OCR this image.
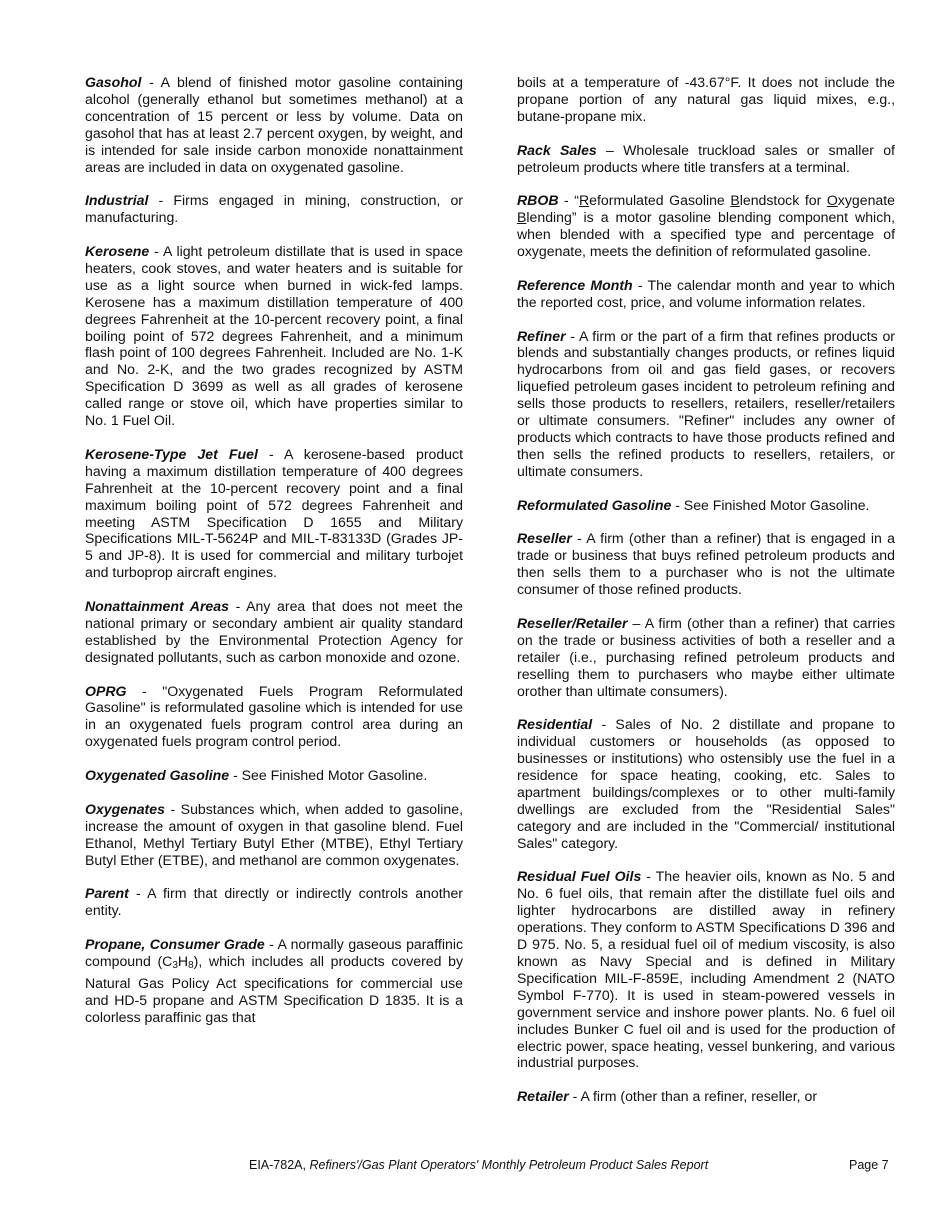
Gasohol - A blend of finished motor gasoline containing alcohol (generally ethanol but sometimes methanol) at a concentration of 15 percent or less by volume. Data on gasohol that has at least 2.7 percent oxygen, by weight, and is intended for sale inside carbon monoxide nonattainment areas are included in data on oxygenated gasoline.

Industrial - Firms engaged in mining, construction, or manufacturing.

Kerosene - A light petroleum distillate that is used in space heaters, cook stoves, and water heaters and is suitable for use as a light source when burned in wick-fed lamps. Kerosene has a maximum distillation temperature of 400 degrees Fahrenheit at the 10-percent recovery point, a final boiling point of 572 degrees Fahrenheit, and a minimum flash point of 100 degrees Fahrenheit. Included are No. 1-K and No. 2-K, and the two grades recognized by ASTM Specification D 3699 as well as all grades of kerosene called range or stove oil, which have properties similar to No. 1 Fuel Oil.

Kerosene-Type Jet Fuel - A kerosene-based product having a maximum distillation temperature of 400 degrees Fahrenheit at the 10-percent recovery point and a final maximum boiling point of 572 degrees Fahrenheit and meeting ASTM Specification D 1655 and Military Specifications MIL-T-5624P and MIL-T-83133D (Grades JP-5 and JP-8). It is used for commercial and military turbojet and turboprop aircraft engines.

Nonattainment Areas - Any area that does not meet the national primary or secondary ambient air quality standard established by the Environmental Protection Agency for designated pollutants, such as carbon monoxide and ozone.

OPRG - "Oxygenated Fuels Program Reformulated Gasoline" is reformulated gasoline which is intended for use in an oxygenated fuels program control area during an oxygenated fuels program control period.

Oxygenated Gasoline - See Finished Motor Gasoline.

Oxygenates - Substances which, when added to gasoline, increase the amount of oxygen in that gasoline blend. Fuel Ethanol, Methyl Tertiary Butyl Ether (MTBE), Ethyl Tertiary Butyl Ether (ETBE), and methanol are common oxygenates.

Parent - A firm that directly or indirectly controls another entity.

Propane, Consumer Grade - A normally gaseous paraffinic compound $(C_3H_8)$, which includes all products covered by Natural Gas Policy Act specifications for commercial use and HD-5 propane and ASTM Specification D 1835. It is a colorless paraffinic gas that

boils at a temperature of -43.67°F. It does not include the propane portion of any natural gas liquid mixes, e.g., butane-propane mix.

Rack Sales – Wholesale truckload sales or smaller of petroleum products where title transfers at a terminal.

RBOB - “Reformulated Gasoline Blendstock for Oxygenate Blending” is a motor gasoline blending component which, when blended with a specified type and percentage of oxygenate, meets the definition of reformulated gasoline.

Reference Month - The calendar month and year to which the reported cost, price, and volume information relates.

Refiner - A firm or the part of a firm that refines products or blends and substantially changes products, or refines liquid hydrocarbons from oil and gas field gases, or recovers liquefied petroleum gases incident to petroleum refining and sells those products to resellers, retailers, reseller/retailers or ultimate consumers. "Refiner" includes any owner of products which contracts to have those products refined and then sells the refined products to resellers, retailers, or ultimate consumers.

Reformulated Gasoline - See Finished Motor Gasoline.

Reseller - A firm (other than a refiner) that is engaged in a trade or business that buys refined petroleum products and then sells them to a purchaser who is not the ultimate consumer of those refined products.

Reseller/Retailer – A firm (other than a refiner) that carries on the trade or business activities of both a reseller and a retailer (i.e., purchasing refined petroleum products and reselling them to purchasers who maybe either ultimate orother than ultimate consumers).

Residential - Sales of No. 2 distillate and propane to individual customers or households (as opposed to businesses or institutions) who ostensibly use the fuel in a residence for space heating, cooking, etc. Sales to apartment buildings/complexes or to other multi-family dwellings are excluded from the "Residential Sales" category and are included in the "Commercial/ institutional Sales" category.

Residual Fuel Oils - The heavier oils, known as No. 5 and No. 6 fuel oils, that remain after the distillate fuel oils and lighter hydrocarbons are distilled away in refinery operations. They conform to ASTM Specifications D 396 and D 975. No. 5, a residual fuel oil of medium viscosity, is also known as Navy Special and is defined in Military Specification MIL-F-859E, including Amendment 2 (NATO Symbol F-770). It is used in steam-powered vessels in government service and inshore power plants. No. 6 fuel oil includes Bunker C fuel oil and is used for the production of electric power, space heating, vessel bunkering, and various industrial purposes.

Retailer - A firm (other than a refiner, reseller, or

EIA-782A, Refiners'/Gas Plant Operators' Monthly Petroleum Product Sales Report	Page 7
